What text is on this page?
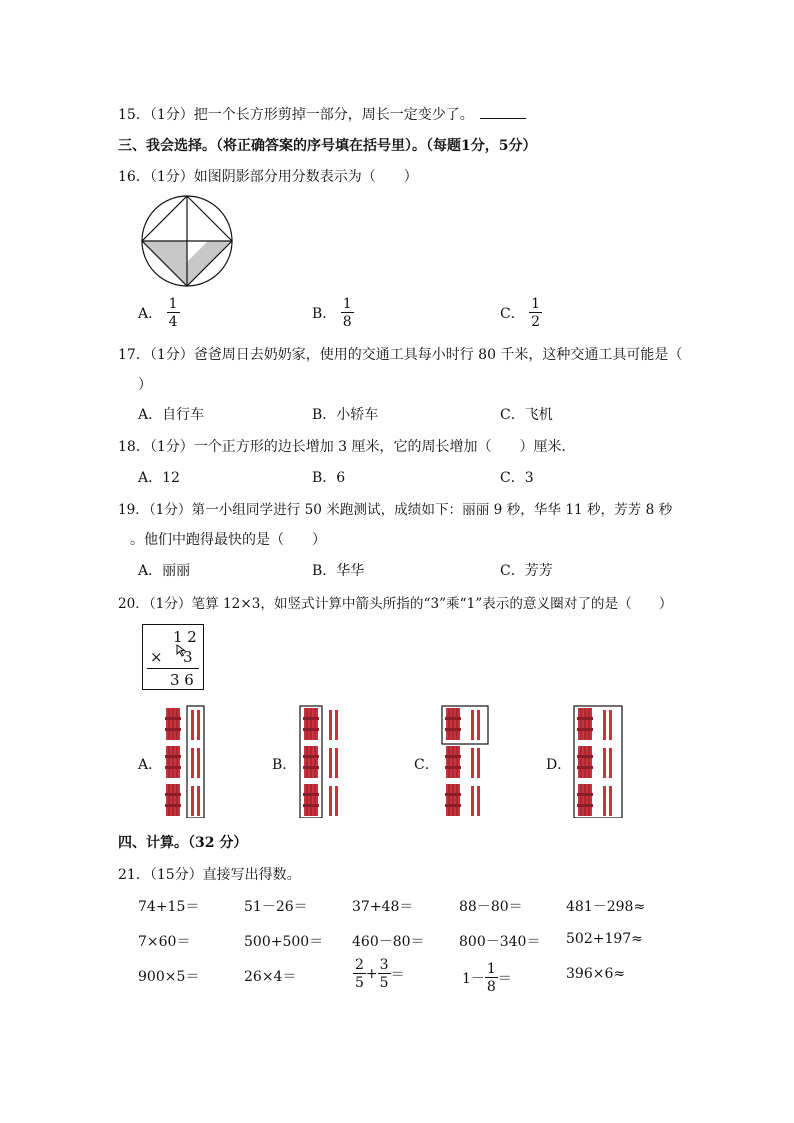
15．（1分）把一个长方形剪掉一部分，周长一定变少了。
三、我会选择。（将正确答案的序号填在括号里）。（每题1分，5分）
16．（1分）如图阴影部分用分数表示为（　　）
A． $\frac{1}{4}$	B． $\frac{1}{8}$	C． $\frac{1}{2}$
17．（1分）爸爸周日去奶奶家，使用的交通工具每小时行 80 千米，这种交通工具可能是（
）
A．自行车	B．小轿车	C．飞机
18．（1分）一个正方形的边长增加 3 厘米，它的周长增加（　　）厘米．
A．12	B．6	C．3
19．（1分）第一小组同学进行 50 米跑测试，成绩如下：丽丽 9 秒，华华 11 秒，芳芳 8 秒
。他们中跑得最快的是（　　）
A．丽丽	B．华华	C．芳芳
20．（1分）笔算 12×3，如竖式计算中箭头所指的“3”乘“1”表示的意义圈对了的是（　　）
1 2
× 3
3 6
A．	B．	C．	D．
四、计算。（32 分）
21．（15分）直接写出得数。
74+15＝	51－26＝	37+48＝	88－80＝	481－298≈
7×60＝	500+500＝ 460－80＝ 800－340＝ 502+197≈
900×5＝	26×4＝	$\frac{2}{5} + \frac{3}{5}$ ＝	$1- \frac{1}{8}$ ＝	396×6≈
